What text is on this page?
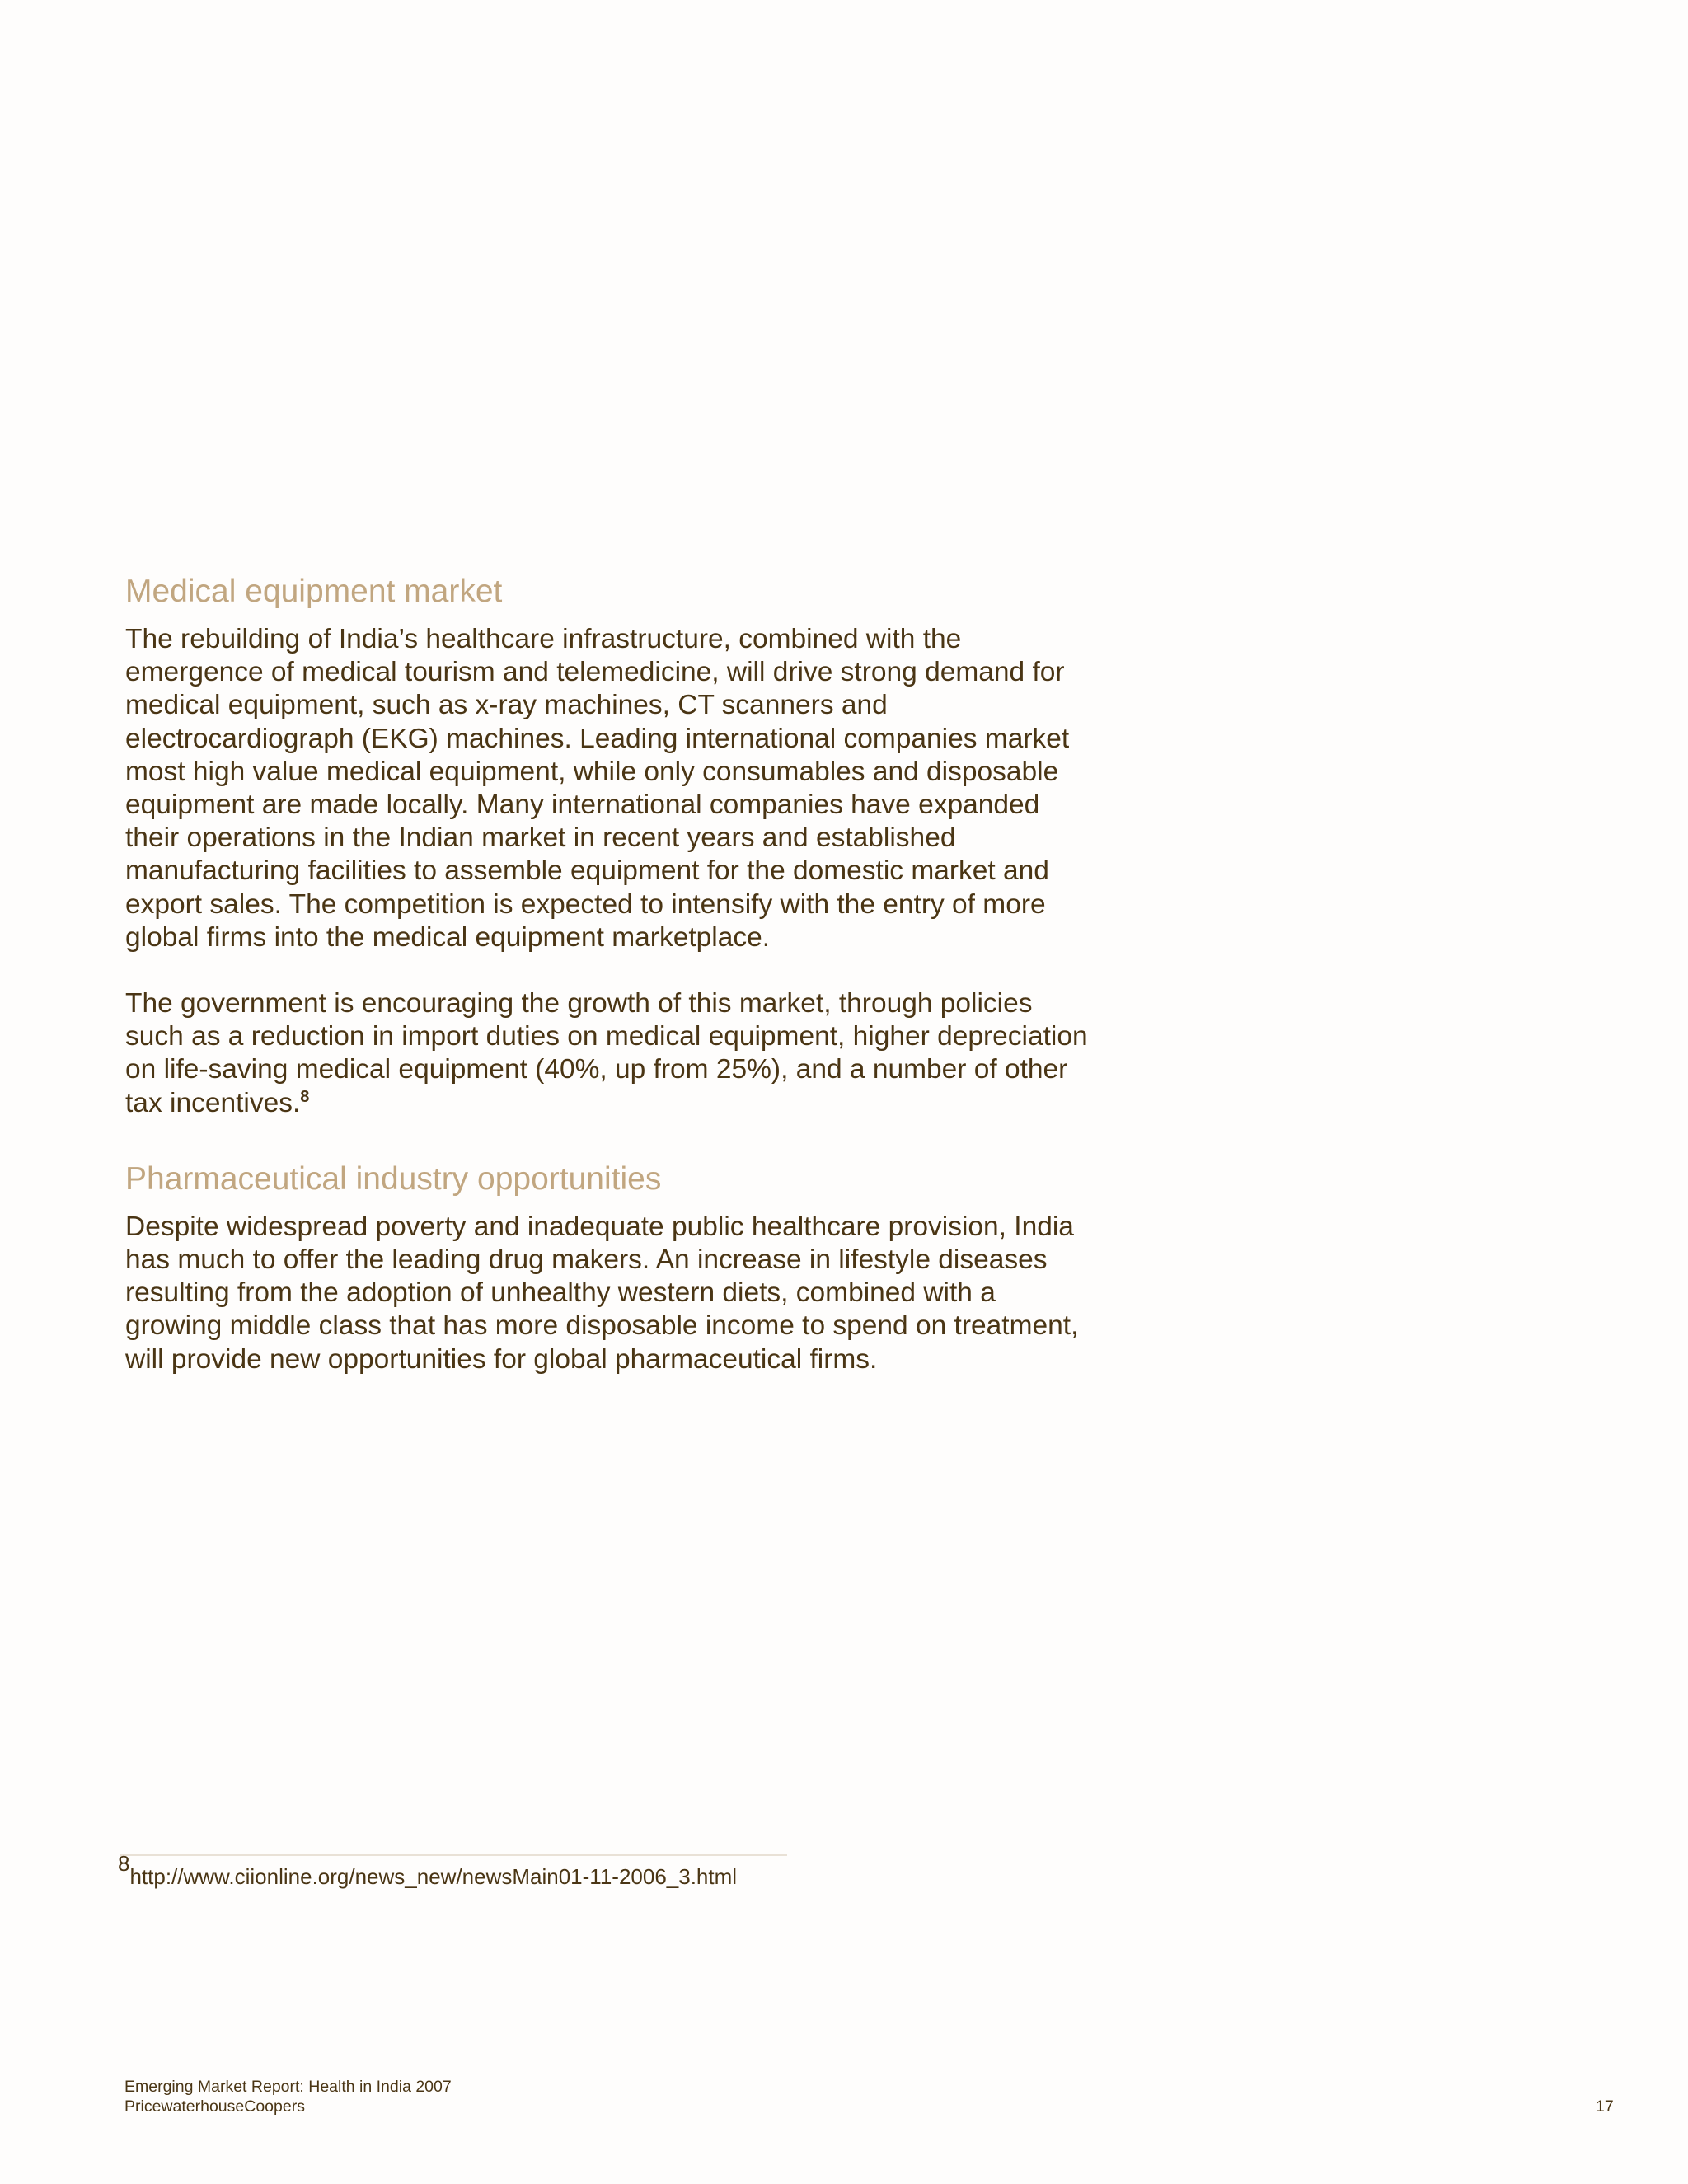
Medical equipment market

The rebuilding of India’s healthcare infrastructure, combined with the emergence of medical tourism and telemedicine, will drive strong demand for medical equipment, such as x-ray machines, CT scanners and electrocardiograph (EKG) machines. Leading international companies market most high value medical equipment, while only consumables and disposable equipment are made locally. Many international companies have expanded their operations in the Indian market in recent years and established manufacturing facilities to assemble equipment for the domestic market and export sales. The competition is expected to intensify with the entry of more global firms into the medical equipment marketplace.

The government is encouraging the growth of this market, through policies such as a reduction in import duties on medical equipment, higher depreciation on life-saving medical equipment (40%, up from 25%), and a number of other tax incentives.$^8$

Pharmaceutical industry opportunities

Despite widespread poverty and inadequate public healthcare provision, India has much to offer the leading drug makers. An increase in lifestyle diseases resulting from the adoption of unhealthy western diets, combined with a growing middle class that has more disposable income to spend on treatment, will provide new opportunities for global pharmaceutical firms.

8http://www.ciionline.org/news_new/newsMain01-11-2006_3.html
Emerging Market Report: Health in India 2007
PricewaterhouseCoopers	17
